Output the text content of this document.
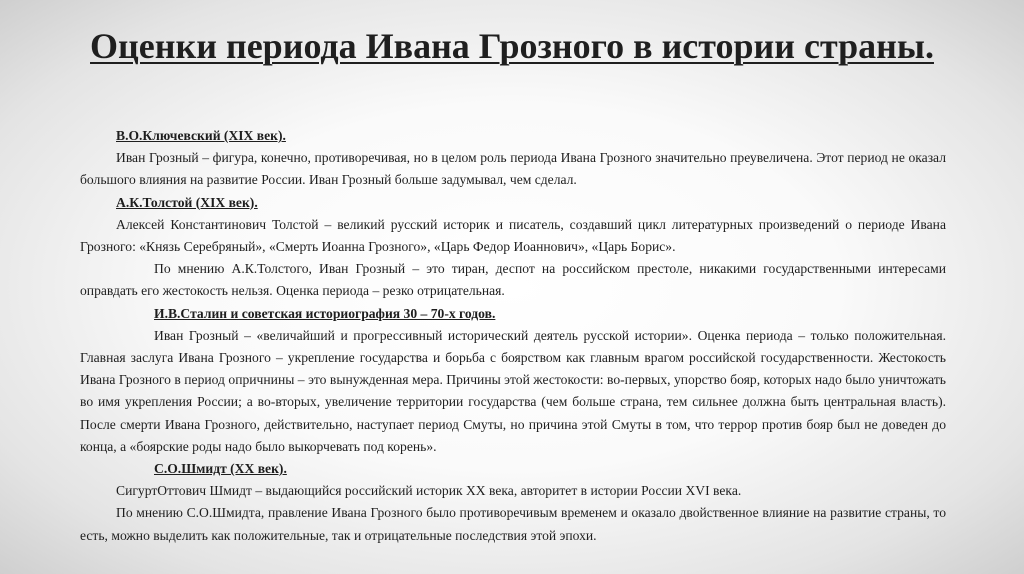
Оценки периода Ивана Грозного в истории страны.

В.О.Ключевский (XIX век).

Иван Грозный – фигура, конечно, противоречивая, но в целом роль периода Ивана Грозного значительно преувеличена. Этот период не оказал большого влияния на развитие России. Иван Грозный больше задумывал, чем сделал.

А.К.Толстой (XIX век).

Алексей Константинович Толстой – великий русский историк и писатель, создавший цикл литературных произведений о периоде Ивана Грозного: «Князь Серебряный», «Смерть Иоанна Грозного», «Царь Федор Иоаннович», «Царь Борис».

По мнению А.К.Толстого, Иван Грозный – это тиран, деспот на российском престоле, никакими государственными интересами оправдать его жестокость нельзя. Оценка периода – резко отрицательная.

И.В.Сталин и советская историография 30 – 70-х годов.

Иван Грозный – «величайший и прогрессивный исторический деятель русской истории». Оценка периода – только положительная. Главная заслуга Ивана Грозного – укрепление государства и борьба с боярством как главным врагом российской государственности. Жестокость Ивана Грозного в период опричнины – это вынужденная мера. Причины этой жестокости: во-первых, упорство бояр, которых надо было уничтожать во имя укрепления России; а во-вторых, увеличение территории государства (чем больше страна, тем сильнее должна быть центральная власть). После смерти Ивана Грозного, действительно, наступает период Смуты, но причина этой Смуты в том, что террор против бояр был не доведен до конца, а «боярские роды надо было выкорчевать под корень».

С.О.Шмидт (XX век).

СигуртОттович Шмидт – выдающийся российский историк XX века, авторитет в истории России XVI века.

По мнению С.О.Шмидта, правление Ивана Грозного было противоречивым временем и оказало двойственное влияние на развитие страны, то есть, можно выделить как положительные, так и отрицательные последствия этой эпохи.
